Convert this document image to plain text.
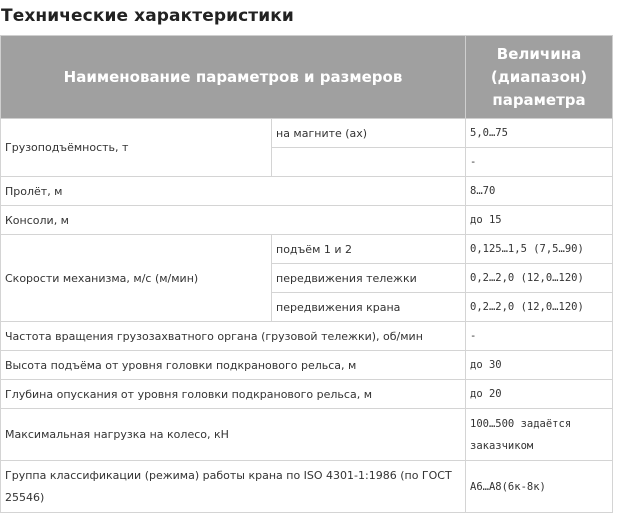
Технические характеристики
Наименование параметров и размеров		Величина
(диапазон)
параметра

Грузоподъёмность, т	на магните (ах)	5,0…75
		-
Пролёт, м		8…70
Консоли, м		до 15
Скорости механизма, м/с (м/мин)	подъём 1 и 2	0,125…1,5 (7,5…90)
	передвижения тележки	0,2…2,0 (12,0…120)
	передвижения крана	0,2…2,0 (12,0…120)
Частота вращения грузозахватного органа (грузовой тележки), об/мин		-
Высота подъёма от уровня головки подкранового рельса, м		до 30
Глубина опускания от уровня головки подкранового рельса, м		до 20
Максимальная нагрузка на колесо, кН		100…500 задаётся заказчиком
Группа классификации (режима) работы крана по ISO 4301-1:1986 (по ГОСТ 25546)		А6…А8(6к-8к)
